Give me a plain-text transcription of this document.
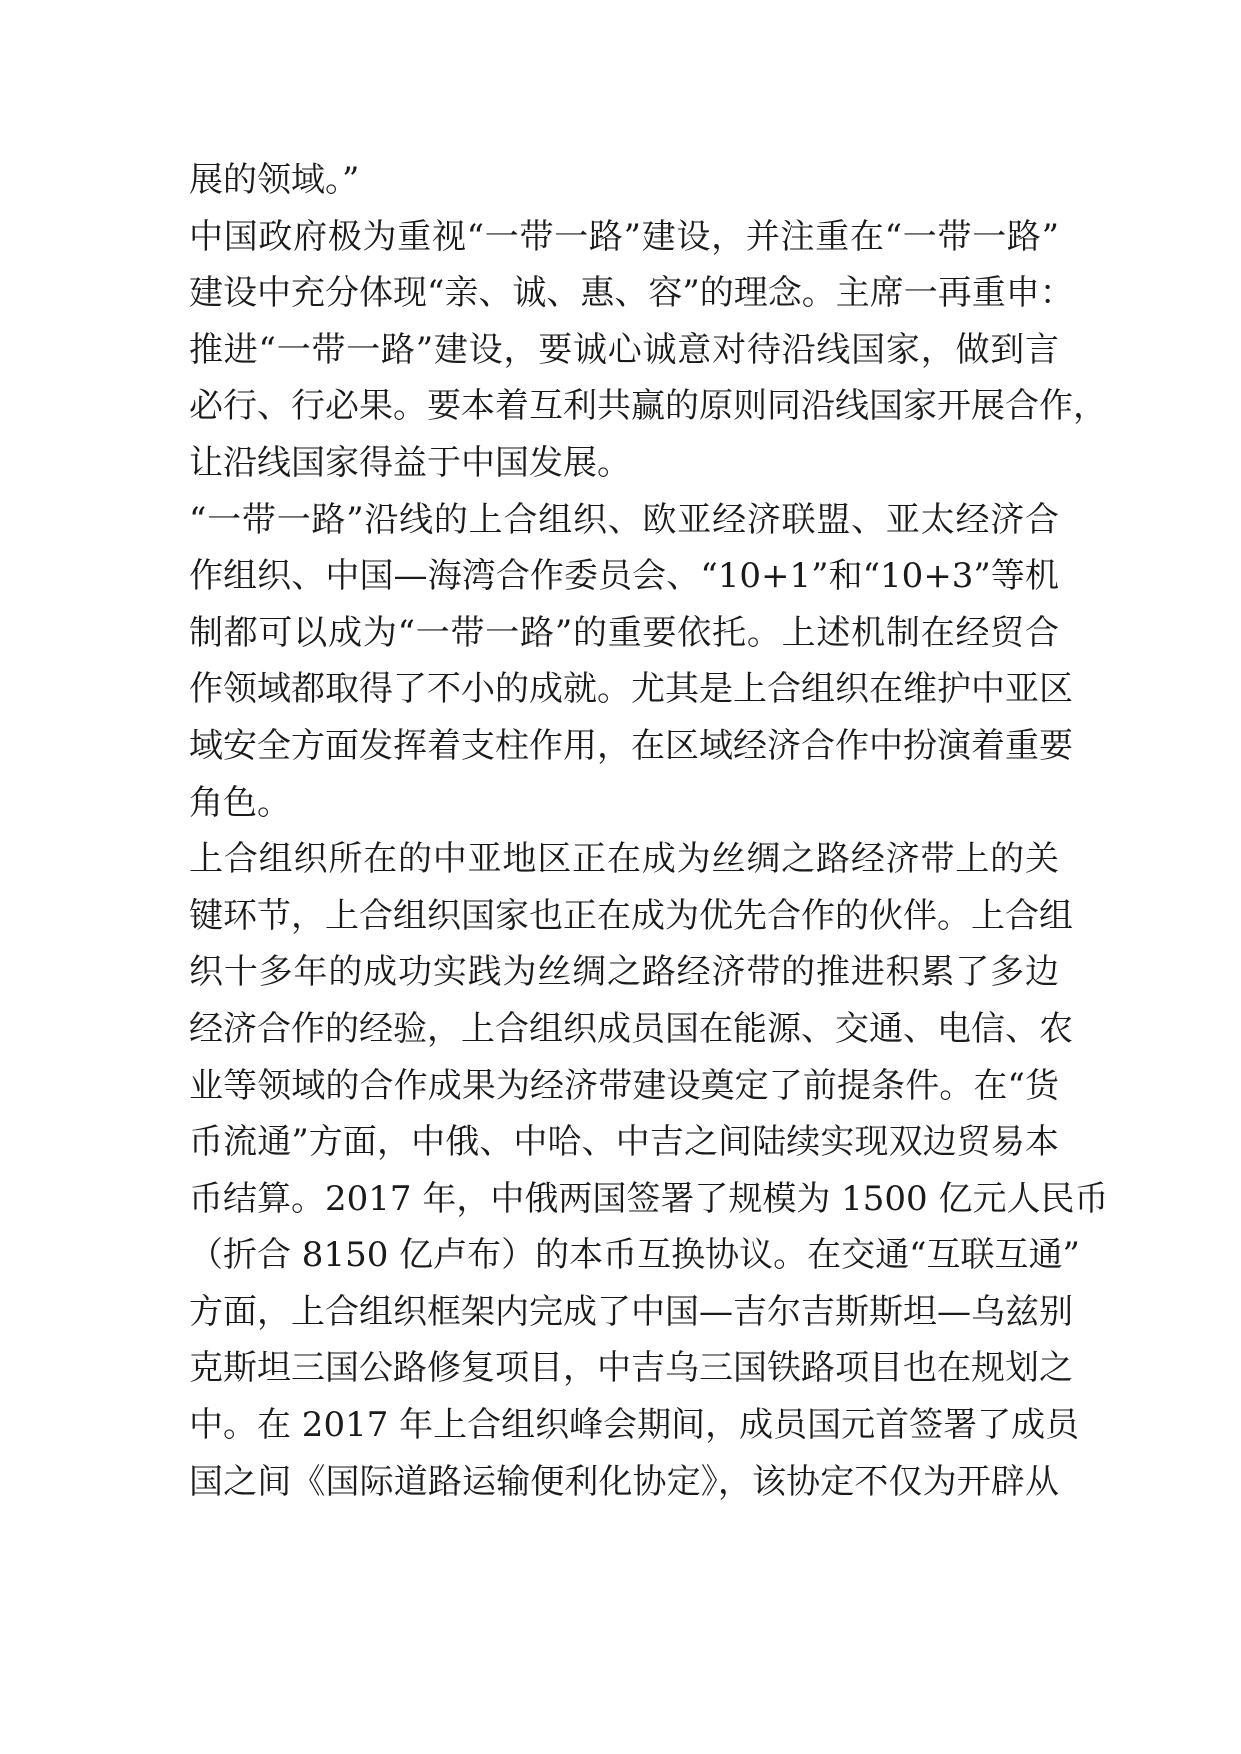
展的领域。”
中国政府极为重视“一带一路”建设，并注重在“一带一路”
建设中充分体现“亲、诚、惠、容”的理念。主席一再重申：
推进“一带一路”建设，要诚心诚意对待沿线国家，做到言
必行、行必果。要本着互利共赢的原则同沿线国家开展合作，
让沿线国家得益于中国发展。
“一带一路”沿线的上合组织、欧亚经济联盟、亚太经济合
作组织、中国—海湾合作委员会、“10+1”和“10+3”等机
制都可以成为“一带一路”的重要依托。上述机制在经贸合
作领域都取得了不小的成就。尤其是上合组织在维护中亚区
域安全方面发挥着支柱作用，在区域经济合作中扮演着重要
角色。
上合组织所在的中亚地区正在成为丝绸之路经济带上的关
键环节，上合组织国家也正在成为优先合作的伙伴。上合组
织十多年的成功实践为丝绸之路经济带的推进积累了多边
经济合作的经验，上合组织成员国在能源、交通、电信、农
业等领域的合作成果为经济带建设奠定了前提条件。在“货
币流通”方面，中俄、中哈、中吉之间陆续实现双边贸易本
币结算。2017 年，中俄两国签署了规模为 1500 亿元人民币
（折合 8150 亿卢布）的本币互换协议。在交通“互联互通”
方面，上合组织框架内完成了中国—吉尔吉斯斯坦—乌兹别
克斯坦三国公路修复项目，中吉乌三国铁路项目也在规划之
中。在 2017 年上合组织峰会期间，成员国元首签署了成员
国之间《国际道路运输便利化协定》，该协定不仅为开辟从
